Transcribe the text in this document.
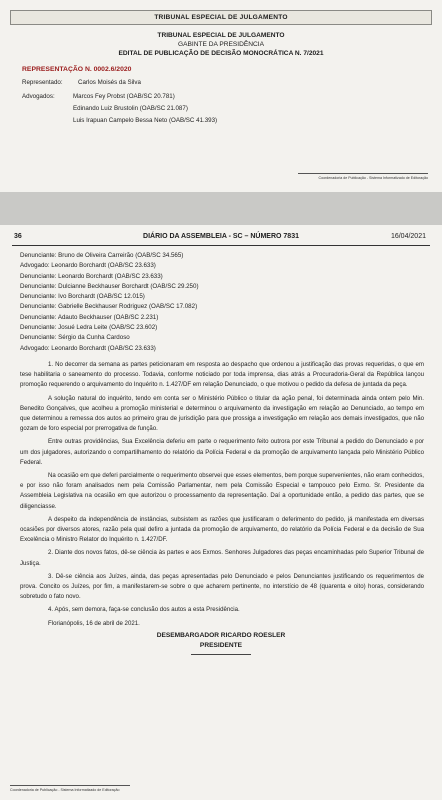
TRIBUNAL ESPECIAL DE JULGAMENTO
TRIBUNAL ESPECIAL DE JULGAMENTO
GABINTE DA PRESIDÊNCIA
EDITAL DE PUBLICAÇÃO DE DECISÃO MONOCRÁTICA N. 7/2021
REPRESENTAÇÃO N. 0002.6/2020
Representado: Carlos Moisés da Silva
Advogados:	Marcos Fey Probst (OAB/SC 20.781)
Edinando Luiz Brustolin (OAB/SC 21.087)
Luis Irapuan Campelo Bessa Neto (OAB/SC 41.393)
Coordenadoria de Publicação - Sistema Informatizado de Editoração
36	DIÁRIO DA ASSEMBLEIA - SC – NÚMERO 7831	16/04/2021
Denunciante: Bruno de Oliveira Carreirão (OAB/SC 34.565)
Advogado: Leonardo Borchardt (OAB/SC 23.633)
Denunciante: Leonardo Borchardt (OAB/SC 23.633)
Denunciante: Dulcianne Beckhauser Borchardt (OAB/SC 29.250)
Denunciante: Ivo Borchardt (OAB/SC 12.015)
Denunciante: Gabrielle Beckhauser Rodriguez (OAB/SC 17.082)
Denunciante: Adauto Beckhauser (OAB/SC 2.231)
Denunciante: Josué Ledra Leite (OAB/SC 23.602)
Denunciante: Sérgio da Cunha Cardoso
Advogado: Leonardo Borchardt (OAB/SC 23.633)

1. No decorrer da semana as partes peticionaram em resposta ao despacho que ordenou a justificação das provas requeridas, o que em tese habilitaria o saneamento do processo. Todavia, conforme noticiado por toda imprensa, dias atrás a Procuradoria-Geral da República lançou promoção requerendo o arquivamento do Inquérito n. 1.427/DF em relação Denunciado, o que motivou o pedido da defesa de juntada da peça.

A solução natural do inquérito, tendo em conta ser o Ministério Público o titular da ação penal, foi determinada ainda ontem pelo Min. Benedito Gonçalves, que acolheu a promoção ministerial e determinou o arquivamento da investigação em relação ao Denunciado, ao tempo em que determinou a remessa dos autos ao primeiro grau de jurisdição para que prossiga a investigação em relação aos demais investigados, que não gozam de foro especial por prerrogativa de função.

Entre outras providências, Sua Excelência deferiu em parte o requerimento feito outrora por este Tribunal a pedido do Denunciado e por um dos julgadores, autorizando o compartilhamento do relatório da Polícia Federal e da promoção de arquivamento lançada pelo Ministério Público Federal.

Na ocasião em que deferi parcialmente o requerimento observei que esses elementos, bem porque supervenientes, não eram conhecidos, e por isso não foram analisados nem pela Comissão Parlamentar, nem pela Comissão Especial e tampouco pelo Exmo. Sr. Presidente da Assembleia Legislativa na ocasião em que autorizou o processamento da representação. Daí a oportunidade então, a pedido das partes, que se diligenciasse.

A despeito da independência de instâncias, subsistem as razões que justificaram o deferimento do pedido, já manifestada em diversas ocasiões por diversos atores, razão pela qual defiro a juntada da promoção de arquivamento, do relatório da Polícia Federal e da decisão de Sua Excelência o Ministro Relator do Inquérito n. 1.427/DF.

2. Diante dos novos fatos, dê-se ciência às partes e aos Exmos. Senhores Julgadores das peças encaminhadas pelo Superior Tribunal de Justiça.

3. Dê-se ciência aos Juízes, ainda, das peças apresentadas pelo Denunciado e pelos Denunciantes justificando os requerimentos de prova. Concito os Juízes, por fim, a manifestarem-se sobre o que acharem pertinente, no interstício de 48 (quarenta e oito) horas, considerando sobretudo o fato novo.

4. Após, sem demora, faça-se conclusão dos autos a esta Presidência.

Florianópolis, 16 de abril de 2021.

DESEMBARGADOR RICARDO ROESLER
PRESIDENTE
Coordenadoria de Publicação - Sistema Informatizado de Editoração
